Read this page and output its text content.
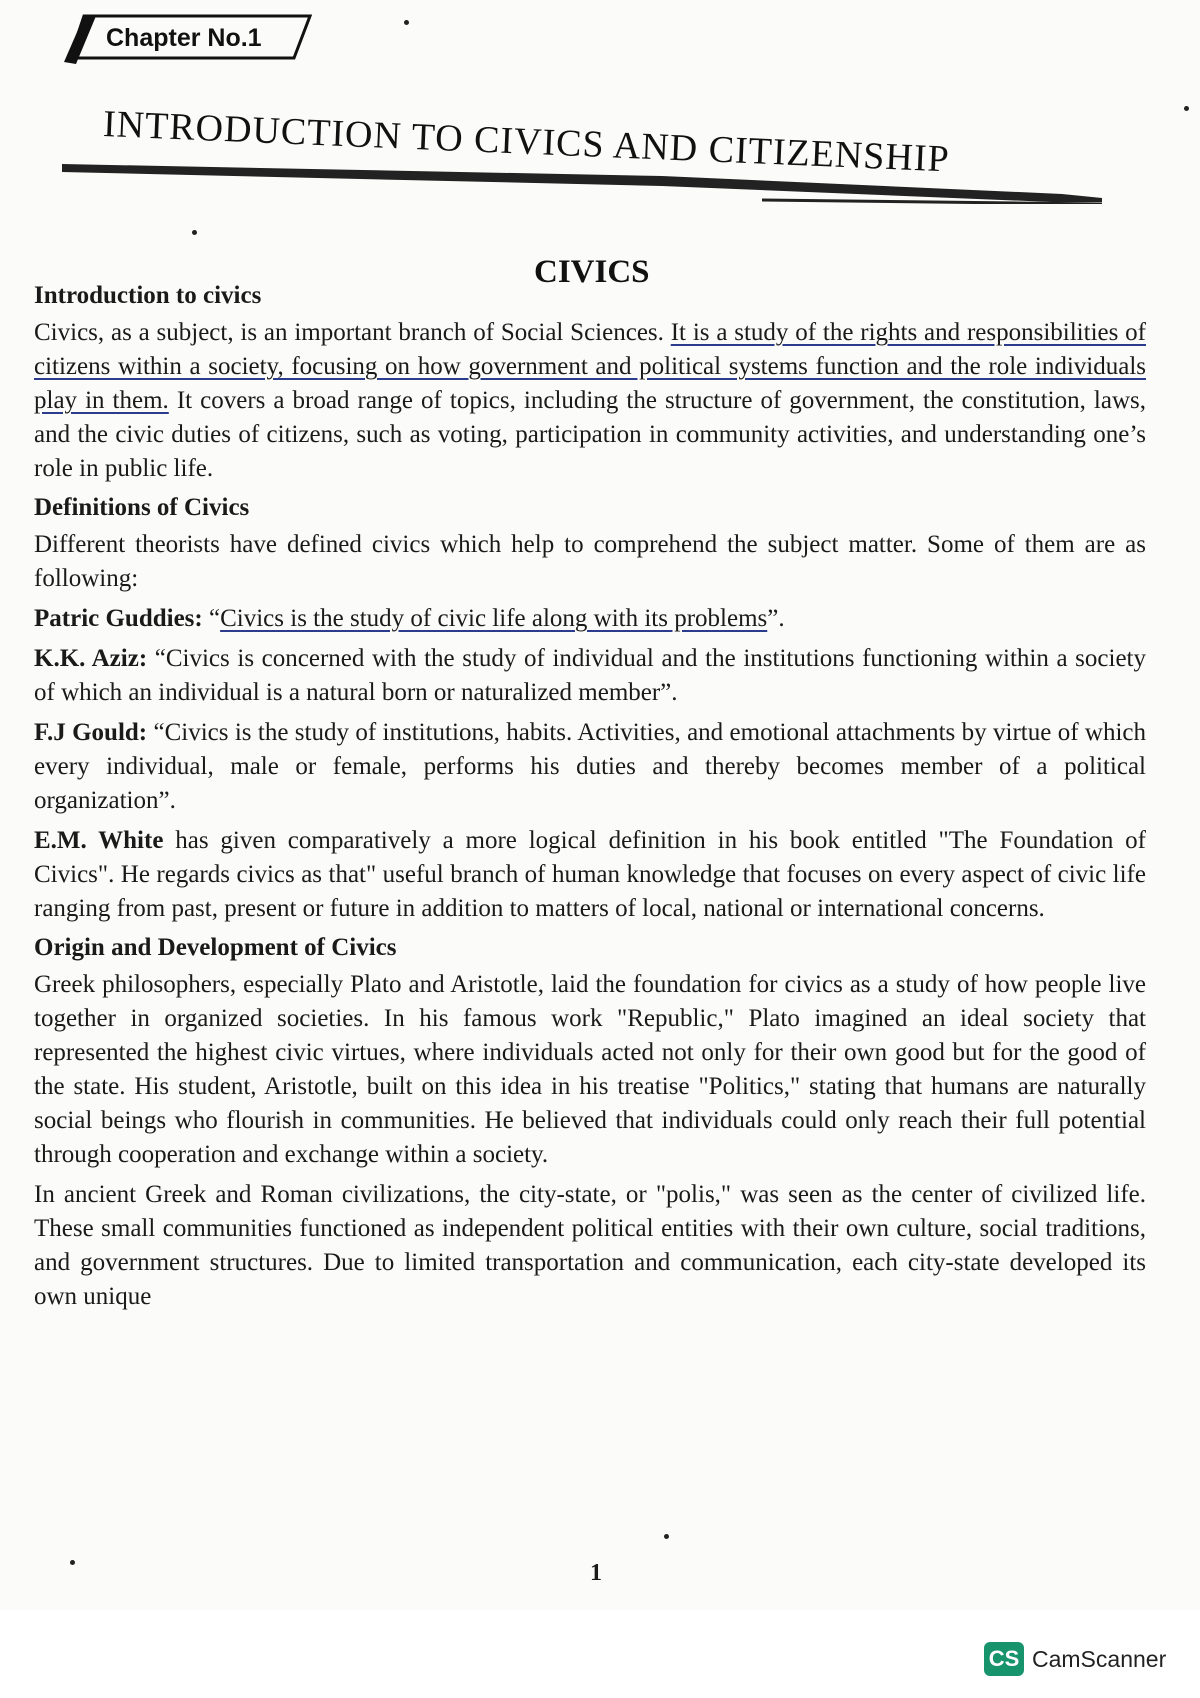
Chapter No.1
INTRODUCTION TO CIVICS AND CITIZENSHIP
CIVICS
Introduction to civics

Civics, as a subject, is an important branch of Social Sciences. It is a study of the rights and responsibilities of citizens within a society, focusing on how government and political systems function and the role individuals play in them. It covers a broad range of topics, including the structure of government, the constitution, laws, and the civic duties of citizens, such as voting, participation in community activities, and understanding one’s role in public life.

Definitions of Civics

Different theorists have defined civics which help to comprehend the subject matter. Some of them are as following:

Patric Guddies: “Civics is the study of civic life along with its problems”.

K.K. Aziz: “Civics is concerned with the study of individual and the institutions functioning within a society of which an individual is a natural born or naturalized member”.

F.J Gould: “Civics is the study of institutions, habits. Activities, and emotional attachments by virtue of which every individual, male or female, performs his duties and thereby becomes member of a political organization”.

E.M. White has given comparatively a more logical definition in his book entitled "The Foundation of Civics". He regards civics as that" useful branch of human knowledge that focuses on every aspect of civic life ranging from past, present or future in addition to matters of local, national or international concerns.

Origin and Development of Civics

Greek philosophers, especially Plato and Aristotle, laid the foundation for civics as a study of how people live together in organized societies. In his famous work "Republic," Plato imagined an ideal society that represented the highest civic virtues, where individuals acted not only for their own good but for the good of the state. His student, Aristotle, built on this idea in his treatise "Politics," stating that humans are naturally social beings who flourish in communities. He believed that individuals could only reach their full potential through cooperation and exchange within a society.

In ancient Greek and Roman civilizations, the city-state, or "polis," was seen as the center of civilized life. These small communities functioned as independent political entities with their own culture, social traditions, and government structures. Due to limited transportation and communication, each city-state developed its own unique

1
CS CamScanner
